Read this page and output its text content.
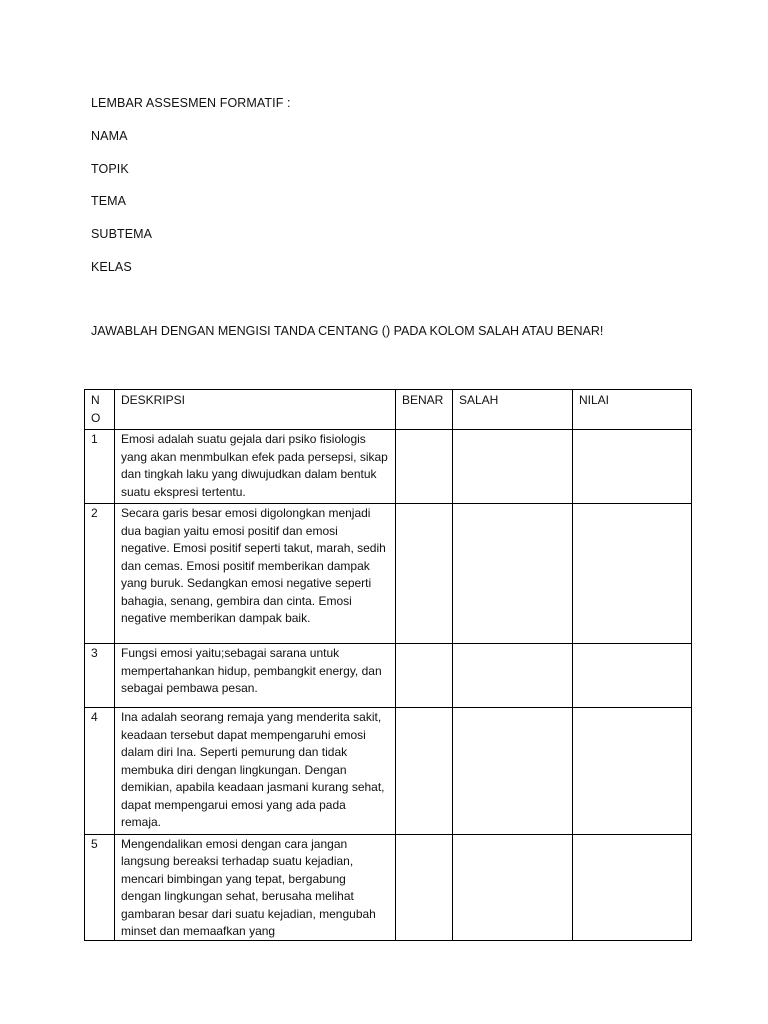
LEMBAR ASSESMEN FORMATIF :
NAMA
TOPIK
TEMA
SUBTEMA
KELAS
JAWABLAH DENGAN MENGISI TANDA CENTANG () PADA KOLOM SALAH ATAU BENAR!
NO	DESKRIPSI	BENAR	SALAH	NILAI
1	Emosi adalah suatu gejala dari psiko fisiologis yang akan menmbulkan efek pada persepsi, sikap dan tingkah laku yang diwujudkan dalam bentuk suatu ekspresi tertentu.			

2	Secara garis besar emosi digolongkan menjadi dua bagian yaitu emosi positif dan emosi negative. Emosi positif seperti takut, marah, sedih dan cemas. Emosi positif memberikan dampak yang buruk. Sedangkan emosi negative seperti bahagia, senang, gembira dan cinta. Emosi negative memberikan dampak baik.			

3	Fungsi emosi yaitu;sebagai sarana untuk mempertahankan hidup, pembangkit energy, dan sebagai pembawa pesan.			

4	Ina adalah seorang remaja yang menderita sakit, keadaan tersebut dapat mempengaruhi emosi dalam diri Ina. Seperti pemurung dan tidak membuka diri dengan lingkungan. Dengan demikian, apabila keadaan jasmani kurang sehat, dapat mempengarui emosi yang ada pada remaja.			

5	Mengendalikan emosi dengan cara jangan langsung bereaksi terhadap suatu kejadian, mencari bimbingan yang tepat, bergabung dengan lingkungan sehat, berusaha melihat gambaran besar dari suatu kejadian, mengubah minset dan memaafkan yang			
